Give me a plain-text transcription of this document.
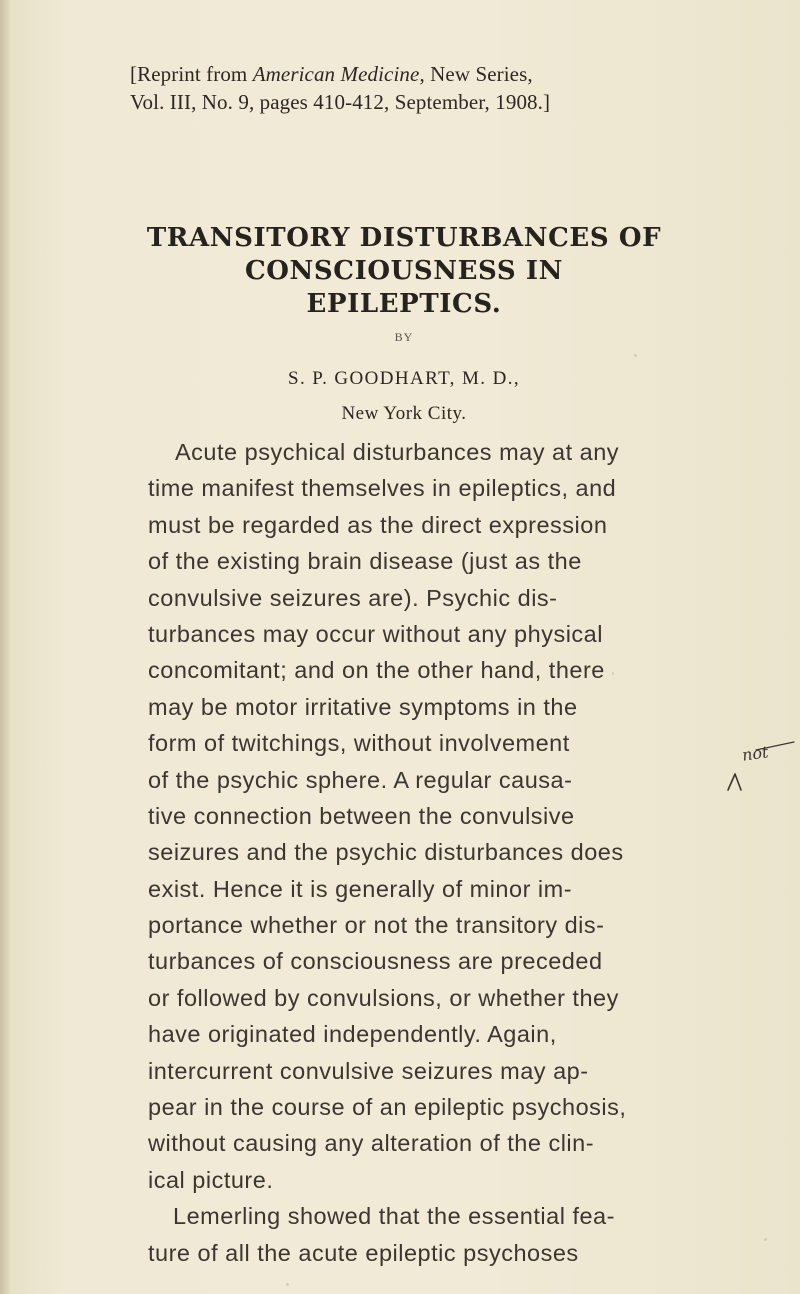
[Reprint from American Medicine, New Series,
Vol. III, No. 9, pages 410-412, September, 1908.]
TRANSITORY DISTURBANCES OF
CONSCIOUSNESS IN
EPILEPTICS.
BY
S. P. GOODHART, M. D.,
New York City.
Acute psychical disturbances may at any
time manifest themselves in epileptics, and
must be regarded as the direct expression
of the existing brain disease (just as the
convulsive seizures are). Psychic dis-
turbances may occur without any physical
concomitant; and on the other hand, there
may be motor irritative symptoms in the
form of twitchings, without involvement
of the psychic sphere. A regular causa-
tive connection between the convulsive
seizures and the psychic disturbances does
exist. Hence it is generally of minor im-
portance whether or not the transitory dis-
turbances of consciousness are preceded
or followed by convulsions, or whether they
have originated independently. Again,
intercurrent convulsive seizures may ap-
pear in the course of an epileptic psychosis,
without causing any alteration of the clin-
ical picture.
Lemerling showed that the essential fea-
ture of all the acute epileptic psychoses
not
